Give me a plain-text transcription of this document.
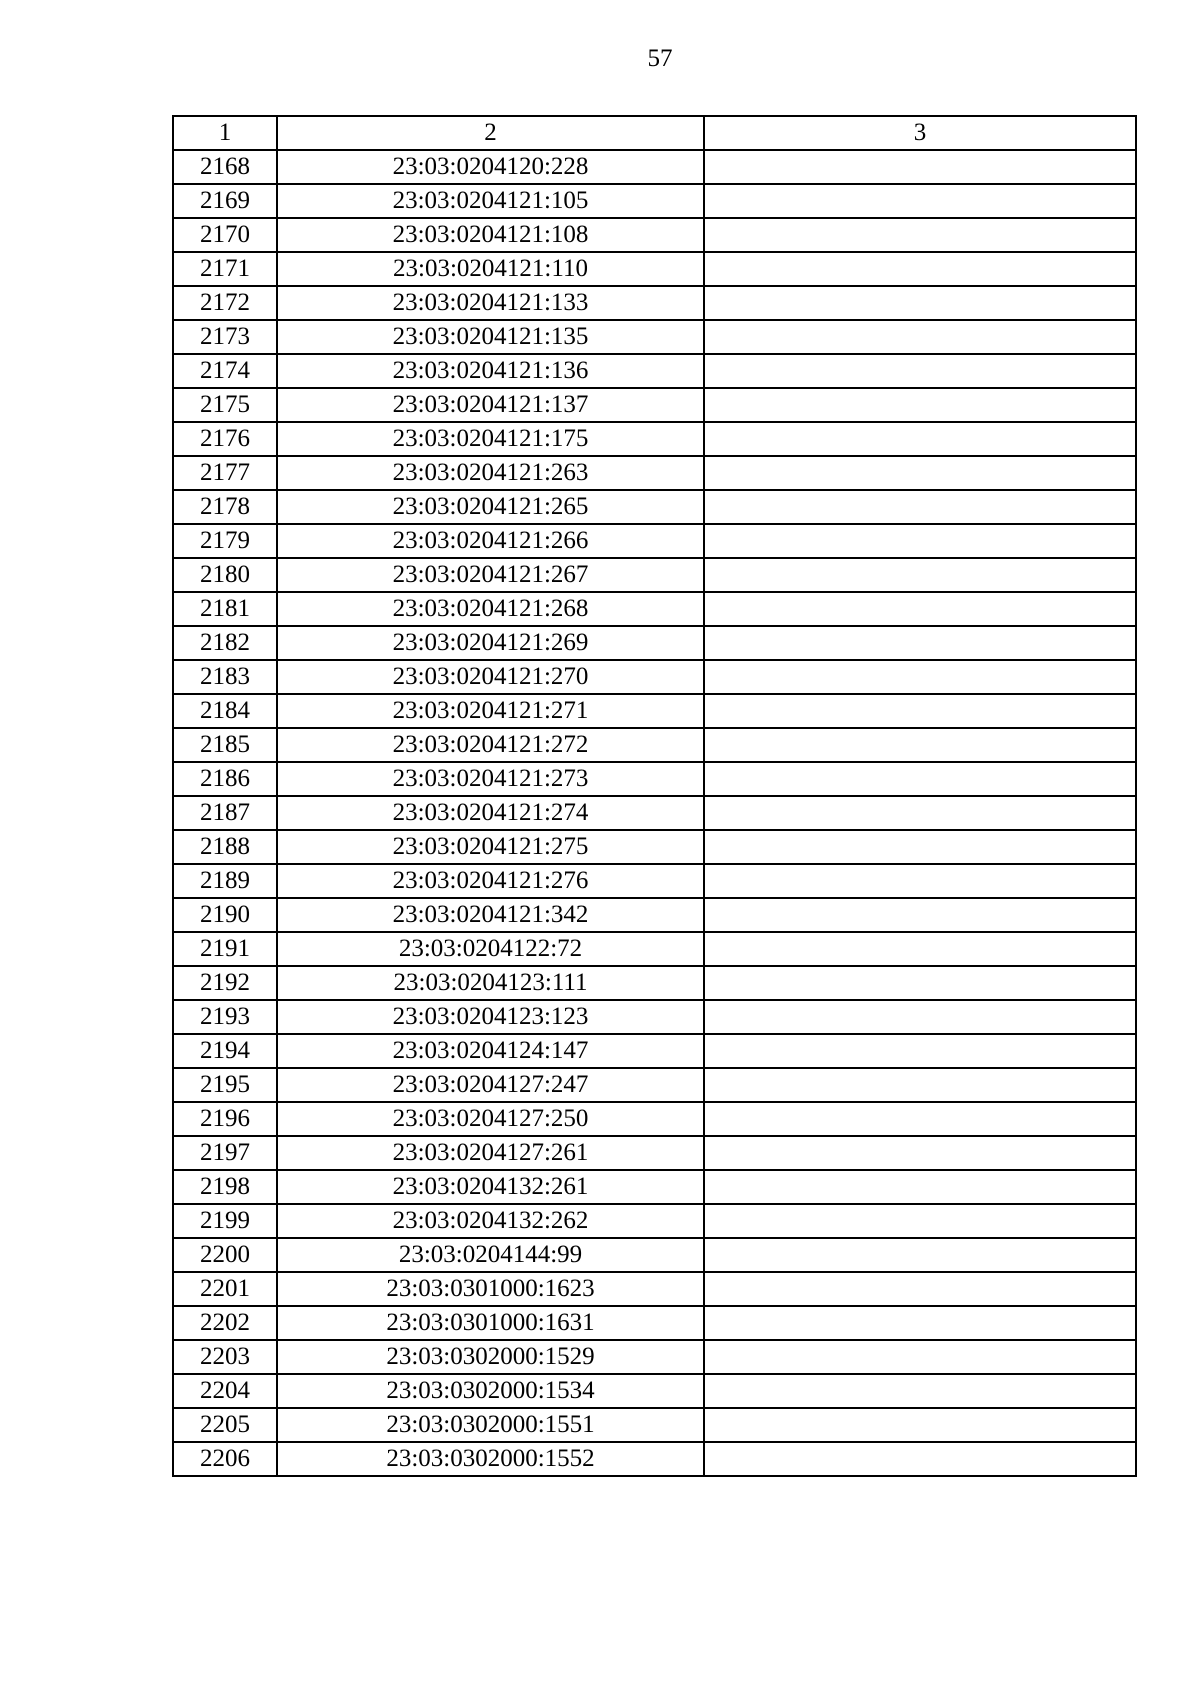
57
1	2	3
2168	23:03:0204120:228	
2169	23:03:0204121:105	
2170	23:03:0204121:108	
2171	23:03:0204121:110	
2172	23:03:0204121:133	
2173	23:03:0204121:135	
2174	23:03:0204121:136	
2175	23:03:0204121:137	
2176	23:03:0204121:175	
2177	23:03:0204121:263	
2178	23:03:0204121:265	
2179	23:03:0204121:266	
2180	23:03:0204121:267	
2181	23:03:0204121:268	
2182	23:03:0204121:269	
2183	23:03:0204121:270	
2184	23:03:0204121:271	
2185	23:03:0204121:272	
2186	23:03:0204121:273	
2187	23:03:0204121:274	
2188	23:03:0204121:275	
2189	23:03:0204121:276	
2190	23:03:0204121:342	
2191	23:03:0204122:72	
2192	23:03:0204123:111	
2193	23:03:0204123:123	
2194	23:03:0204124:147	
2195	23:03:0204127:247	
2196	23:03:0204127:250	
2197	23:03:0204127:261	
2198	23:03:0204132:261	
2199	23:03:0204132:262	
2200	23:03:0204144:99	
2201	23:03:0301000:1623	
2202	23:03:0301000:1631	
2203	23:03:0302000:1529	
2204	23:03:0302000:1534	
2205	23:03:0302000:1551	
2206	23:03:0302000:1552	
